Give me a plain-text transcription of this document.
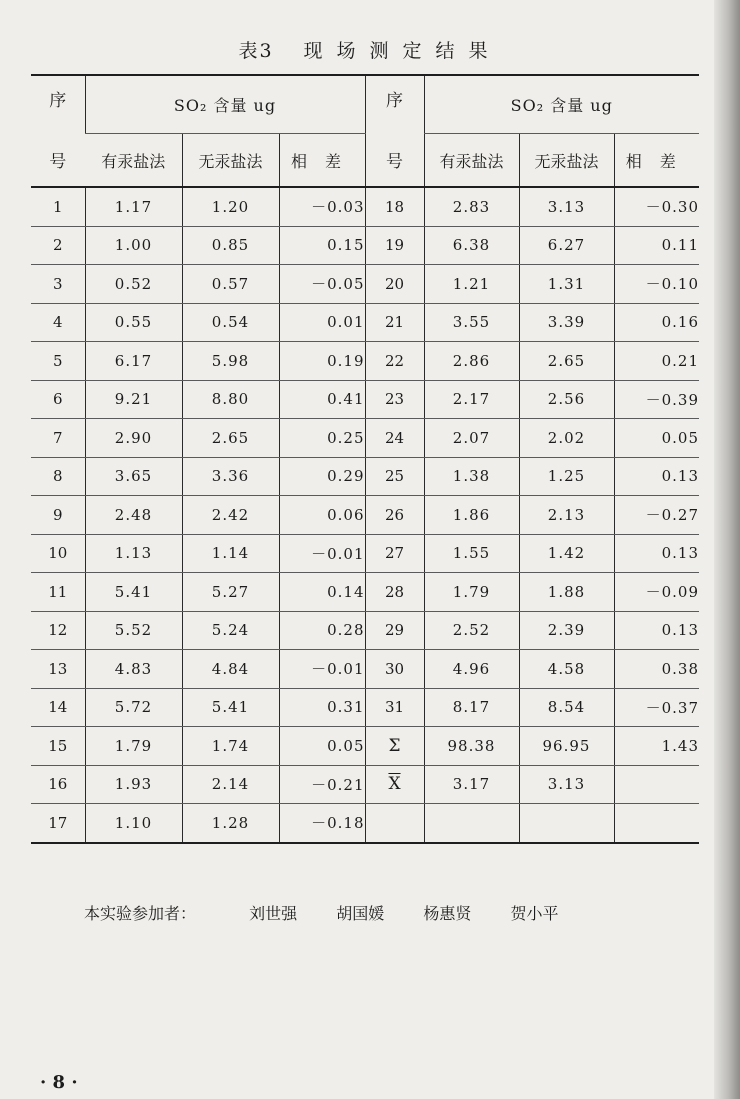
表3 现场测定结果
序
号	SO₂ 含量 ug			序
号	SO₂ 含量 ug		
	有汞盐法	无汞盐法	相差		有汞盐法	无汞盐法	相差
1	1.17	1.20	－0.03	18	2.83	3.13	－0.30
2	1.00	0.85	0.15	19	6.38	6.27	0.11
3	0.52	0.57	－0.05	20	1.21	1.31	－0.10
4	0.55	0.54	0.01	21	3.55	3.39	0.16
5	6.17	5.98	0.19	22	2.86	2.65	0.21
6	9.21	8.80	0.41	23	2.17	2.56	－0.39
7	2.90	2.65	0.25	24	2.07	2.02	0.05
8	3.65	3.36	0.29	25	1.38	1.25	0.13
9	2.48	2.42	0.06	26	1.86	2.13	－0.27
10	1.13	1.14	－0.01	27	1.55	1.42	0.13
11	5.41	5.27	0.14	28	1.79	1.88	－0.09
12	5.52	5.24	0.28	29	2.52	2.39	0.13
13	4.83	4.84	－0.01	30	4.96	4.58	0.38
14	5.72	5.41	0.31	31	8.17	8.54	－0.37
15	1.79	1.74	0.05	Σ	98.38	96.95	1.43
16	1.93	2.14	－0.21	$\overline{X}$	3.17	3.13	
17	1.10	1.28	－0.18				
本实验参加者：	刘世强 胡国媛 杨惠贤 贺小平
· 8 ·
